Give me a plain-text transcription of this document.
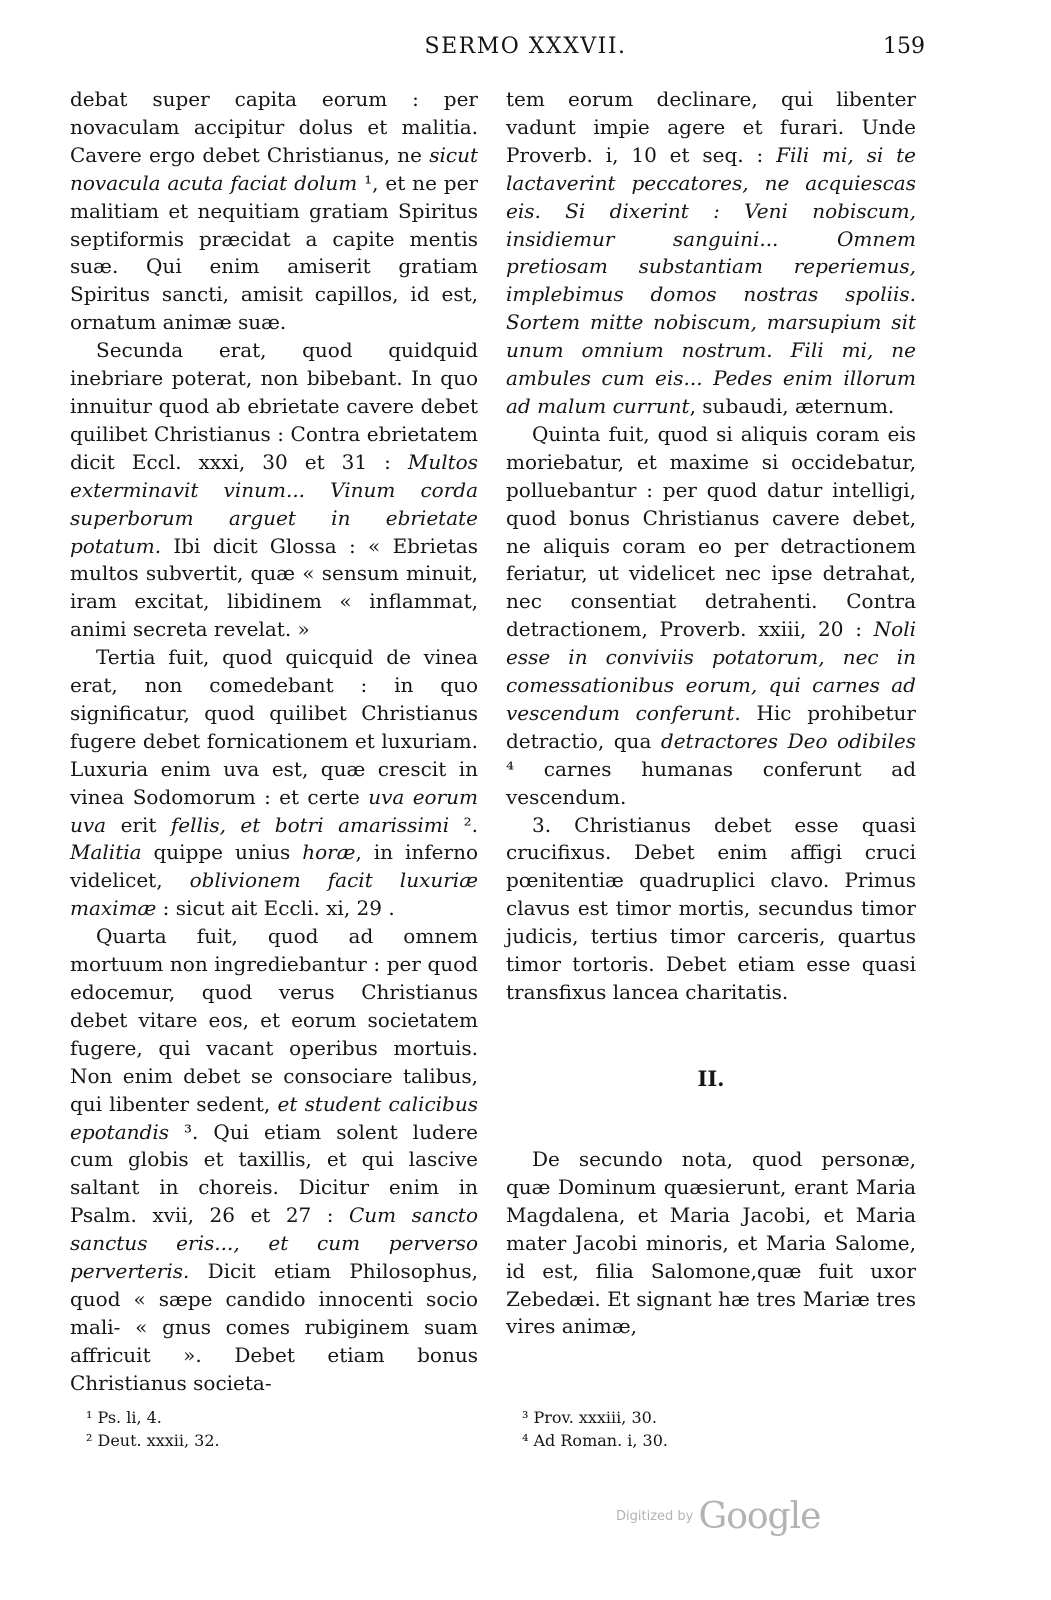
SERMO XXXVII.	159

debat super capita eorum : per novaculam accipitur dolus et malitia. Cavere ergo debet Christianus, ne sicut novacula acuta faciat dolum ¹, et ne per malitiam et nequitiam gratiam Spiritus septiformis præcidat a capite mentis suæ. Qui enim amiserit gratiam Spiritus sancti, amisit capillos, id est, ornatum animæ suæ.

Secunda erat, quod quidquid inebriare poterat, non bibebant. In quo innuitur quod ab ebrietate cavere debet quilibet Christianus : Contra ebrietatem dicit Eccl. xxxi, 30 et 31 : Multos exterminavit vinum... Vinum corda superborum arguet in ebrietate potatum. Ibi dicit Glossa : « Ebrietas multos subvertit, quæ « sensum minuit, iram excitat, libidinem « inflammat, animi secreta revelat. »

Tertia fuit, quod quicquid de vinea erat, non comedebant : in quo significatur, quod quilibet Christianus fugere debet fornicationem et luxuriam. Luxuria enim uva est, quæ crescit in vinea Sodomorum : et certe uva eorum uva erit fellis, et botri amarissimi ². Malitia quippe unius horæ, in inferno videlicet, oblivionem facit luxuriæ maximæ : sicut ait Eccli. xi, 29 .

Quarta fuit, quod ad omnem mortuum non ingrediebantur : per quod edocemur, quod verus Christianus debet vitare eos, et eorum societatem fugere, qui vacant operibus mortuis. Non enim debet se consociare talibus, qui libenter sedent, et student calicibus epotandis ³. Qui etiam solent ludere cum globis et taxillis, et qui lascive saltant in choreis. Dicitur enim in Psalm. xvii, 26 et 27 : Cum sancto sanctus eris..., et cum perverso perverteris. Dicit etiam Philosophus, quod « sæpe candido innocenti socio mali- « gnus comes rubiginem suam affricuit ». Debet etiam bonus Christianus societa-

tem eorum declinare, qui libenter vadunt impie agere et furari. Unde Proverb. i, 10 et seq. : Fili mi, si te lactaverint peccatores, ne acquiescas eis. Si dixerint : Veni nobiscum, insidiemur sanguini... Omnem pretiosam substantiam reperiemus, implebimus domos nostras spoliis. Sortem mitte nobiscum, marsupium sit unum omnium nostrum. Fili mi, ne ambules cum eis... Pedes enim illorum ad malum currunt, subaudi, æternum.

Quinta fuit, quod si aliquis coram eis moriebatur, et maxime si occidebatur, polluebantur : per quod datur intelligi, quod bonus Christianus cavere debet, ne aliquis coram eo per detractionem feriatur, ut videlicet nec ipse detrahat, nec consentiat detrahenti. Contra detractionem, Proverb. xxiii, 20 : Noli esse in conviviis potatorum, nec in comessationibus eorum, qui carnes ad vescendum conferunt. Hic prohibetur detractio, qua detractores Deo odibiles ⁴ carnes humanas conferunt ad vescendum.

3. Christianus debet esse quasi crucifixus. Debet enim affigi cruci pœnitentiæ quadruplici clavo. Primus clavus est timor mortis, secundus timor judicis, tertius timor carceris, quartus timor tortoris. Debet etiam esse quasi transfixus lancea charitatis.

II.

De secundo nota, quod personæ, quæ Dominum quæsierunt, erant Maria Magdalena, et Maria Jacobi, et Maria mater Jacobi minoris, et Maria Salome, id est, filia Salomone,quæ fuit uxor Zebedæi. Et signant hæ tres Mariæ tres vires animæ,

¹ Ps. li, 4.
² Deut. xxxii, 32.
³ Prov. xxxiii, 30.
⁴ Ad Roman. i, 30.
Digitized by Google
